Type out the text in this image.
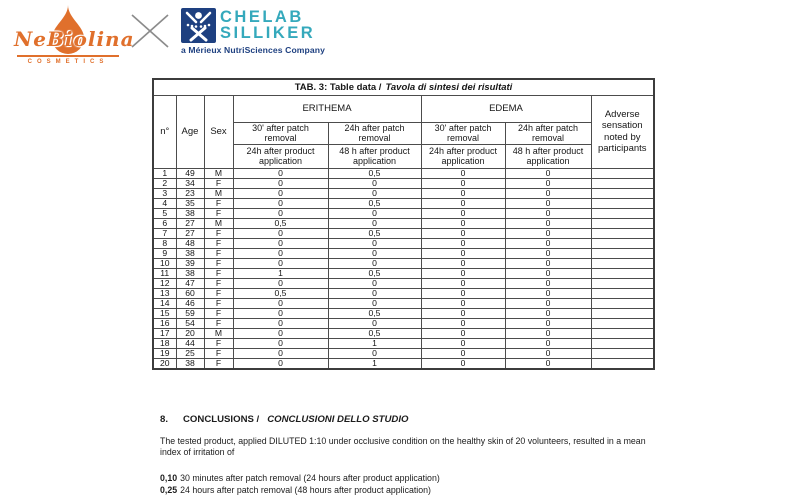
NeBiolina
COSMETICS
CHELAB
SILLIKER
a Mérieux NutriSciences Company
TAB. 3: Table data / Tavola di sintesi dei risultati							
n°	Age	Sex	ERITHEMA		EDEMA		Adverse sensation noted by participants
			30' after patch removal	24h after patch removal	30' after patch removal	24h after patch removal	
			24h after product application	48 h after product application	24h after product application	48 h after product application	
1	49	M	0	0,5	0	0	
2	34	F	0	0	0	0	
3	23	M	0	0	0	0	
4	35	F	0	0,5	0	0	
5	38	F	0	0	0	0	
6	27	M	0,5	0	0	0	
7	27	F	0	0,5	0	0	
8	48	F	0	0	0	0	
9	38	F	0	0	0	0	
10	39	F	0	0	0	0	
11	38	F	1	0,5	0	0	
12	47	F	0	0	0	0	
13	60	F	0,5	0	0	0	
14	46	F	0	0	0	0	
15	59	F	0	0,5	0	0	
16	54	F	0	0	0	0	
17	20	M	0	0,5	0	0	
18	44	F	0	1	0	0	
19	25	F	0	0	0	0	
20	38	F	0	1	0	0	
8.	CONCLUSIONS / CONCLUSIONI DELLO STUDIO
The tested product, applied DILUTED 1:10 under occlusive condition on the healthy skin of 20 volunteers, resulted in a mean index of irritation of
0,10 30 minutes after patch removal (24 hours after product application)
0,25 24 hours after patch removal (48 hours after product application)
